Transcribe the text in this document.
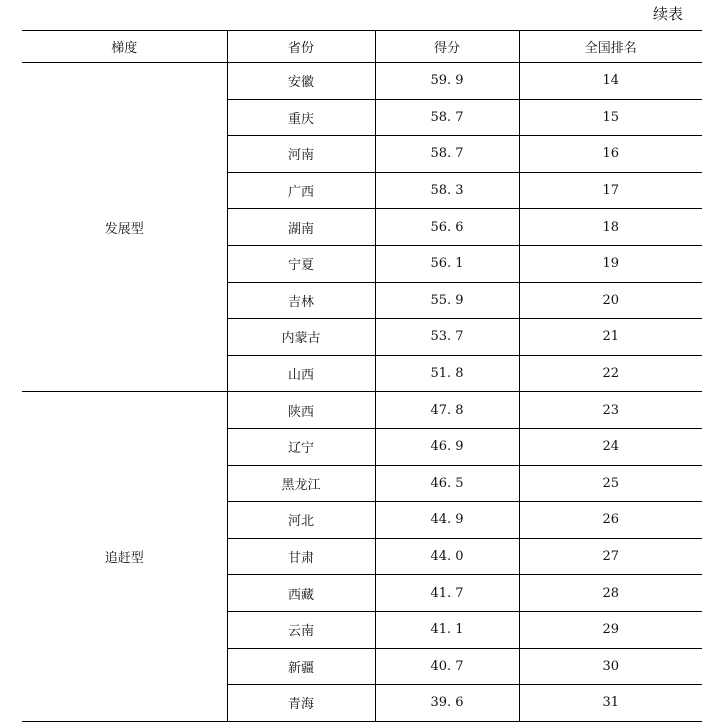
续表
梯度	省份	得分	全国排名
发展型	安徽	59. 9	14
	重庆	58. 7	15
	河南	58. 7	16
	广西	58. 3	17
	湖南	56. 6	18
	宁夏	56. 1	19
	吉林	55. 9	20
	内蒙古	53. 7	21
	山西	51. 8	22
追赶型	陕西	47. 8	23
	辽宁	46. 9	24
	黑龙江	46. 5	25
	河北	44. 9	26
	甘肃	44. 0	27
	西藏	41. 7	28
	云南	41. 1	29
	新疆	40. 7	30
	青海	39. 6	31
